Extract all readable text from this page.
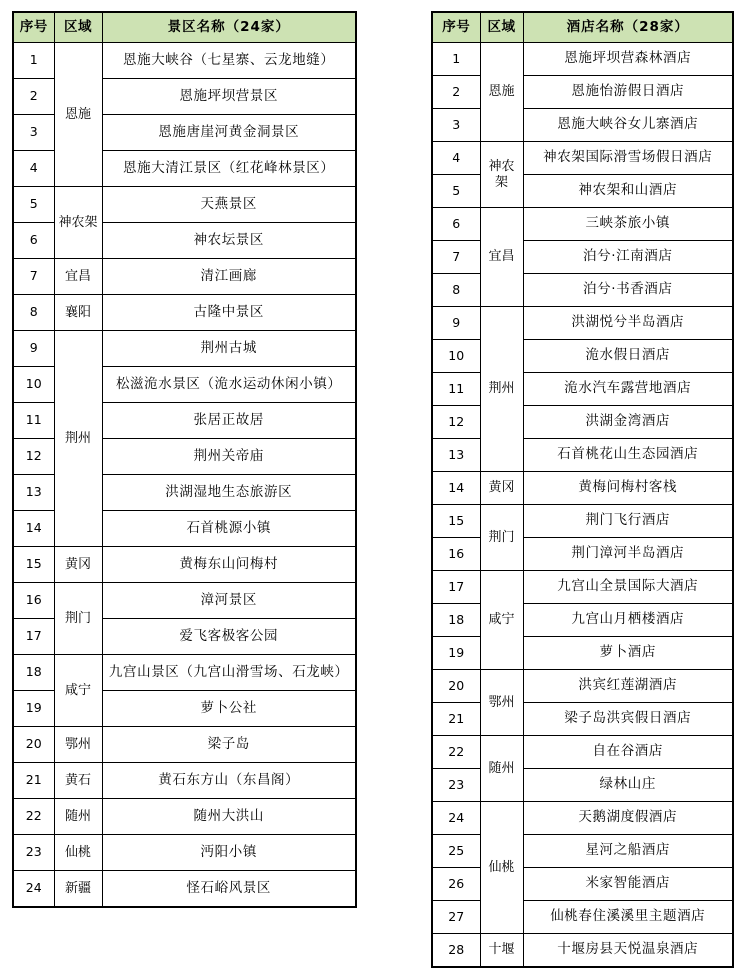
序号	区域	景区名称（24家）
1	恩施	恩施大峡谷（七星寨、云龙地缝）
2		恩施坪坝营景区
3		恩施唐崖河黄金洞景区
4		恩施大清江景区（红花峰林景区）
5	神农架	天燕景区
6		神农坛景区
7	宜昌	清江画廊
8	襄阳	古隆中景区
9	荆州	荆州古城
10		松滋洈水景区（洈水运动休闲小镇）
11		张居正故居
12		荆州关帝庙
13		洪湖湿地生态旅游区
14		石首桃源小镇
15	黄冈	黄梅东山问梅村
16	荆门	漳河景区
17		爱飞客极客公园
18	咸宁	九宫山景区（九宫山滑雪场、石龙峡）
19		萝卜公社
20	鄂州	梁子岛
21	黄石	黄石东方山（东昌阁）
22	随州	随州大洪山
23	仙桃	沔阳小镇
24	新疆	怪石峪风景区
序号	区域	酒店名称（28家）
1	恩施	恩施坪坝营森林酒店
2		恩施怡游假日酒店
3		恩施大峡谷女儿寨酒店
4	神农架	神农架国际滑雪场假日酒店
5		神农架和山酒店
6	宜昌	三峡茶旅小镇
7		泊兮·江南酒店
8		泊兮·书香酒店
9	荆州	洪湖悦兮半岛酒店
10		洈水假日酒店
11		洈水汽车露营地酒店
12		洪湖金湾酒店
13		石首桃花山生态园酒店
14	黄冈	黄梅问梅村客栈
15	荆门	荆门飞行酒店
16		荆门漳河半岛酒店
17	咸宁	九宫山全景国际大酒店
18		九宫山月栖楼酒店
19		萝卜酒店
20	鄂州	洪宾红莲湖酒店
21		梁子岛洪宾假日酒店
22	随州	自在谷酒店
23		绿林山庄
24	仙桃	天鹅湖度假酒店
25		星河之船酒店
26		米家智能酒店
27		仙桃春住溪溪里主题酒店
28	十堰	十堰房县天悦温泉酒店
